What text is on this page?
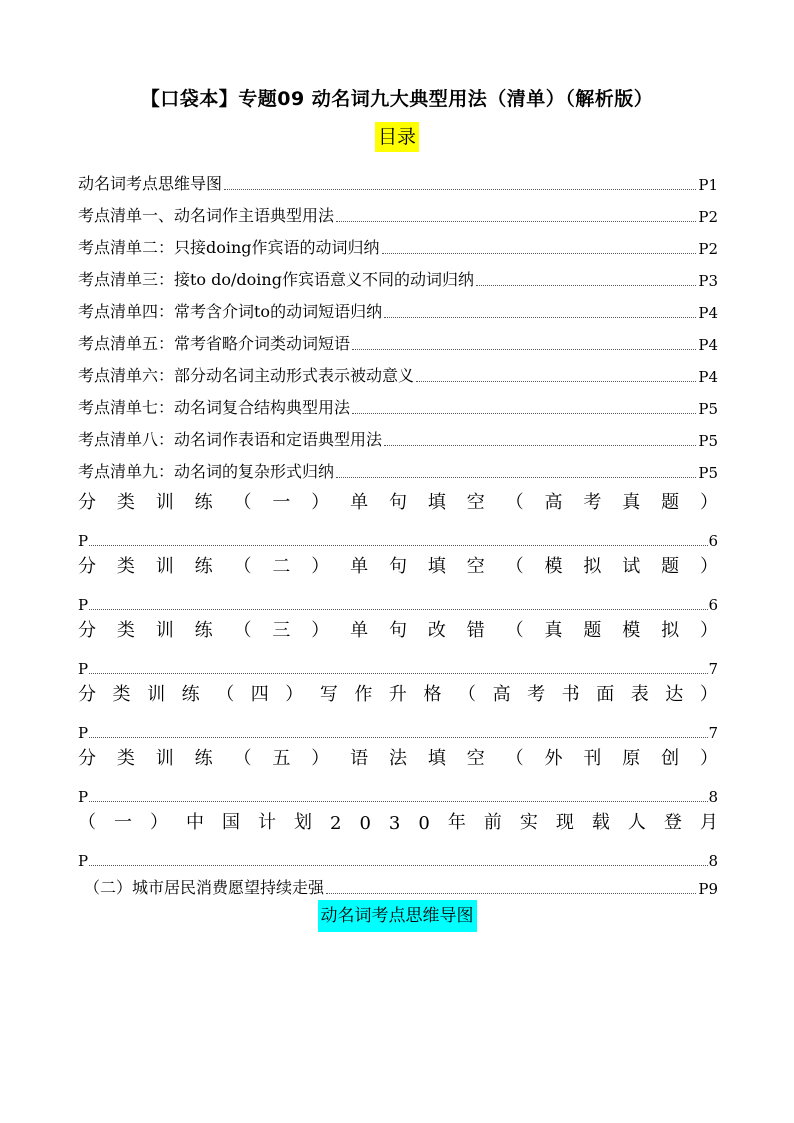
【口袋本】专题09 动名词九大典型用法（清单）（解析版）
目录
动名词考点思维导图	P1
考点清单一、动名词作主语典型用法	P2
考点清单二：只接doing作宾语的动词归纳	P2
考点清单三：接to do/doing作宾语意义不同的动词归纳	P3
考点清单四：常考含介词to的动词短语归纳	P4
考点清单五：常考省略介词类动词短语	P4
考点清单六：部分动名词主动形式表示被动意义	P4
考点清单七：动名词复合结构典型用法	P5
考点清单八：动名词作表语和定语典型用法	P5
考点清单九：动名词的复杂形式归纳	P5
分 类 训 练 （ 一 ） 单 句 填 空 （ 高 考 真 题 ）
P	6
分 类 训 练 （ 二 ） 单 句 填 空 （ 模 拟 试 题 ）
P	6
分 类 训 练 （ 三 ） 单 句 改 错 （ 真 题 模 拟 ）
P	7
分 类 训 练 （ 四 ） 写 作 升 格 （ 高 考 书 面 表 达 ）
P	7
分 类 训 练 （ 五 ） 语 法 填 空 （ 外 刊 原 创 ）
P	8
（ 一 ） 中 国 计 划 2 0 3 0 年 前 实 现 载 人 登 月
P	8
（二）城市居民消费愿望持续走强	P9
动名词考点思维导图
